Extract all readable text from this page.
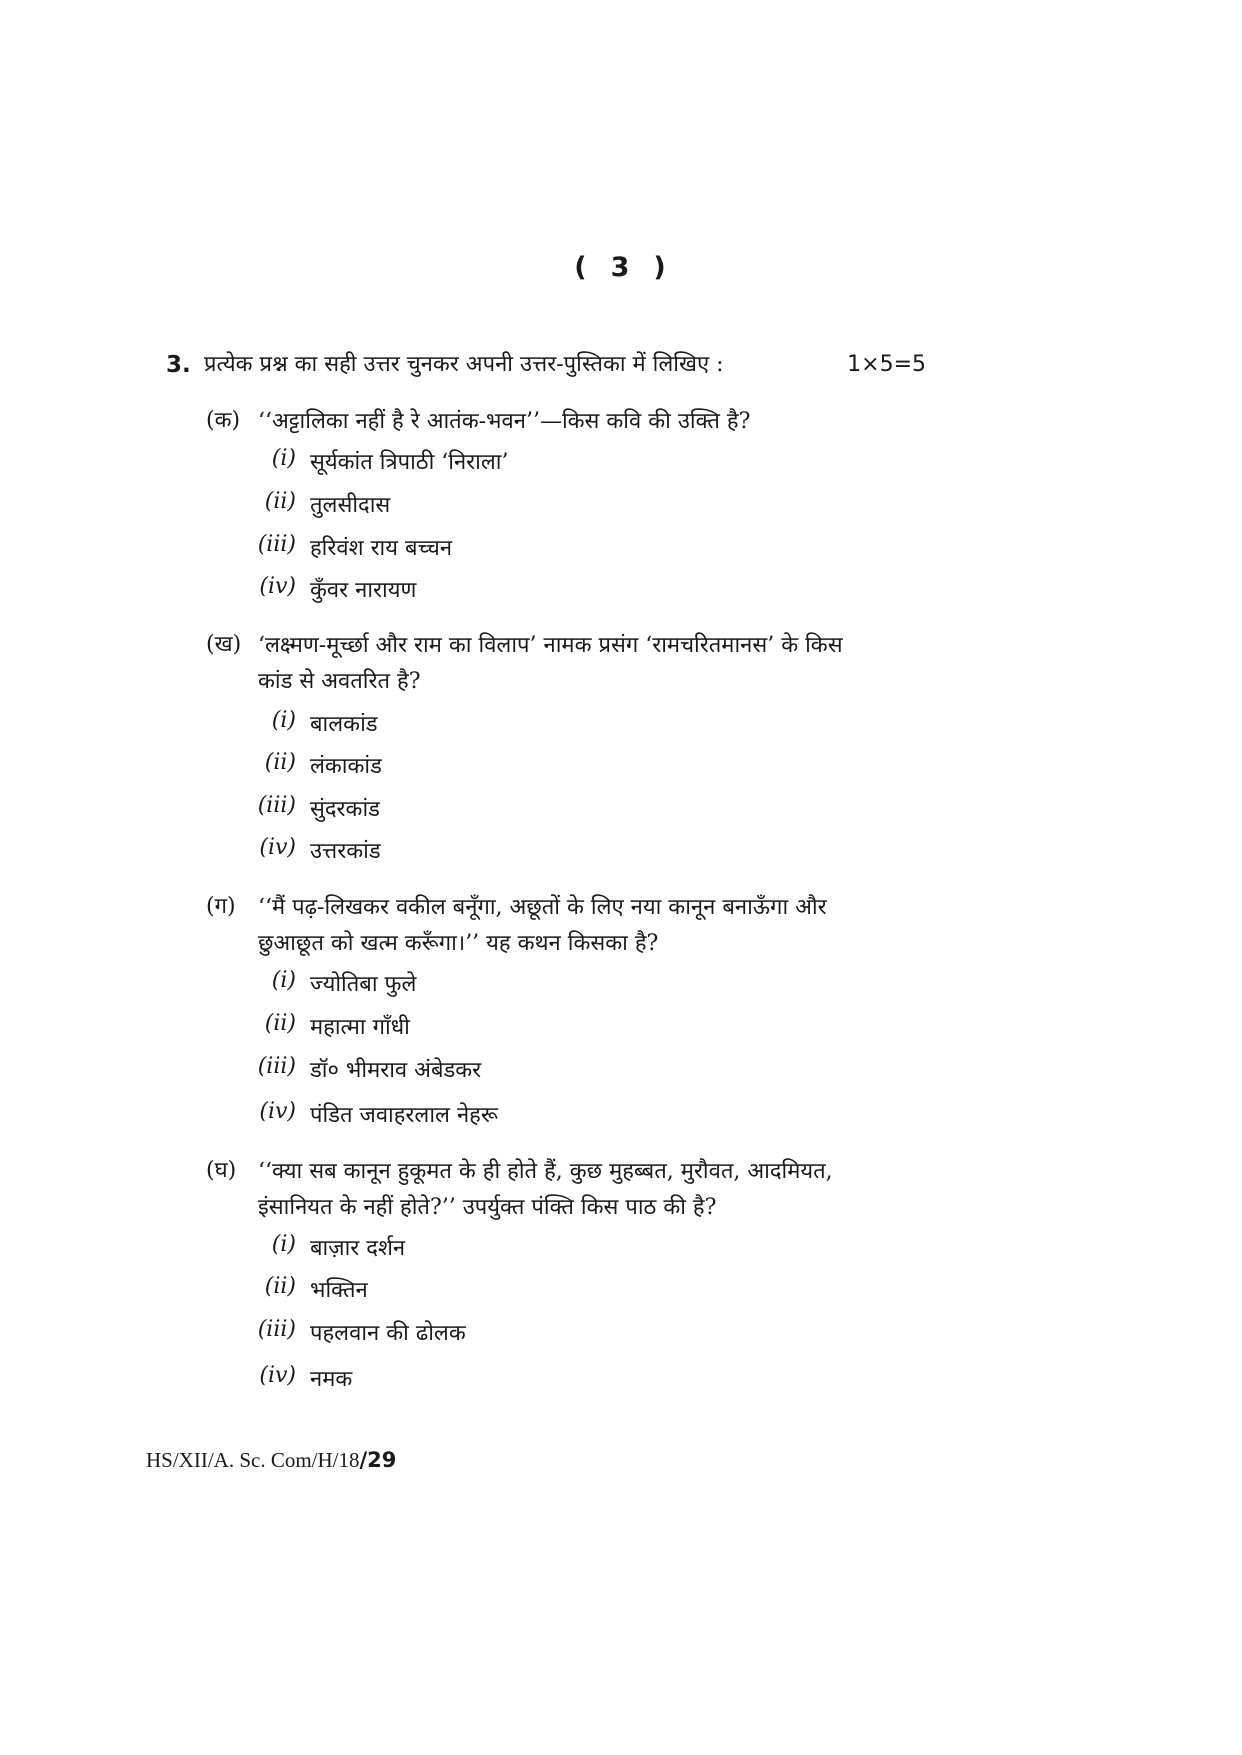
( 3 )
3. प्रत्येक प्रश्न का सही उत्तर चुनकर अपनी उत्तर-पुस्तिका में लिखिए :	1×5=5
(क) ‘‘अट्टालिका नहीं है रे आतंक-भवन’’—किस कवि की उक्ति है?
(i) सूर्यकांत त्रिपाठी ‘निराला’
(ii) तुलसीदास
(iii) हरिवंश राय बच्चन
(iv) कुँवर नारायण
(ख) ‘लक्ष्मण-मूर्च्छा और राम का विलाप’ नामक प्रसंग ‘रामचरितमानस’ के किस कांड से अवतरित है?
(i) बालकांड
(ii) लंकाकांड
(iii) सुंदरकांड
(iv) उत्तरकांड
(ग) ‘‘मैं पढ़-लिखकर वकील बनूँगा, अछूतों के लिए नया कानून बनाऊँगा और छुआछूत को खत्म करूँगा।’’ यह कथन किसका है?
(i) ज्योतिबा फुले
(ii) महात्मा गाँधी
(iii) डॉ० भीमराव अंबेडकर
(iv) पंडित जवाहरलाल नेहरू
(घ) ‘‘क्या सब कानून हुकूमत के ही होते हैं, कुछ मुहब्बत, मुरौवत, आदमियत, इंसानियत के नहीं होते?’’ उपर्युक्त पंक्ति किस पाठ की है?
(i) बाज़ार दर्शन
(ii) भक्तिन
(iii) पहलवान की ढोलक
(iv) नमक
HS/XII/A. Sc. Com/H/18/29
